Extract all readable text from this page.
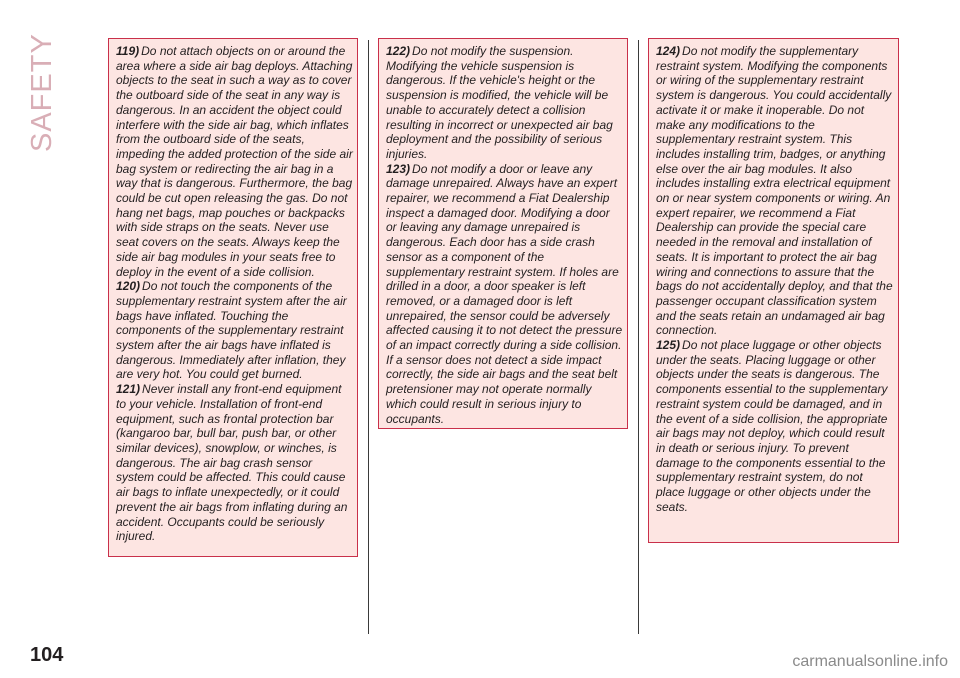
SAFETY	119) Do not attach objects on or around the area where a side air bag deploys. Attaching objects to the seat in such a way as to cover the outboard side of the seat in any way is dangerous. In an accident the object could interfere with the side air bag, which inflates from the outboard side of the seats, impeding the added protection of the side air bag system or redirecting the air bag in a way that is dangerous. Furthermore, the bag could be cut open releasing the gas. Do not hang net bags, map pouches or backpacks with side straps on the seats. Never use seat covers on the seats. Always keep the side air bag modules in your seats free to deploy in the event of a side collision.

120) Do not touch the components of the supplementary restraint system after the air bags have inflated. Touching the components of the supplementary restraint system after the air bags have inflated is dangerous. Immediately after inflation, they are very hot. You could get burned.

121) Never install any front-end equipment to your vehicle. Installation of front-end equipment, such as frontal protection bar (kangaroo bar, bull bar, push bar, or other similar devices), snowplow, or winches, is dangerous. The air bag crash sensor system could be affected. This could cause air bags to inflate unexpectedly, or it could prevent the air bags from inflating during an accident. Occupants could be seriously injured.

122) Do not modify the suspension. Modifying the vehicle suspension is dangerous. If the vehicle's height or the suspension is modified, the vehicle will be unable to accurately detect a collision resulting in incorrect or unexpected air bag deployment and the possibility of serious injuries.

123) Do not modify a door or leave any damage unrepaired. Always have an expert repairer, we recommend a Fiat Dealership inspect a damaged door. Modifying a door or leaving any damage unrepaired is dangerous. Each door has a side crash sensor as a component of the supplementary restraint system. If holes are drilled in a door, a door speaker is left removed, or a damaged door is left unrepaired, the sensor could be adversely affected causing it to not detect the pressure of an impact correctly during a side collision. If a sensor does not detect a side impact correctly, the side air bags and the seat belt pretensioner may not operate normally which could result in serious injury to occupants.

124) Do not modify the supplementary restraint system. Modifying the components or wiring of the supplementary restraint system is dangerous. You could accidentally activate it or make it inoperable. Do not make any modifications to the supplementary restraint system. This includes installing trim, badges, or anything else over the air bag modules. It also includes installing extra electrical equipment on or near system components or wiring. An expert repairer, we recommend a Fiat Dealership can provide the special care needed in the removal and installation of seats. It is important to protect the air bag wiring and connections to assure that the bags do not accidentally deploy, and that the passenger occupant classification system and the seats retain an undamaged air bag connection.

125) Do not place luggage or other objects under the seats. Placing luggage or other objects under the seats is dangerous. The components essential to the supplementary restraint system could be damaged, and in the event of a side collision, the appropriate air bags may not deploy, which could result in death or serious injury. To prevent damage to the components essential to the supplementary restraint system, do not place luggage or other objects under the seats.

104	carmanualsonline.info
